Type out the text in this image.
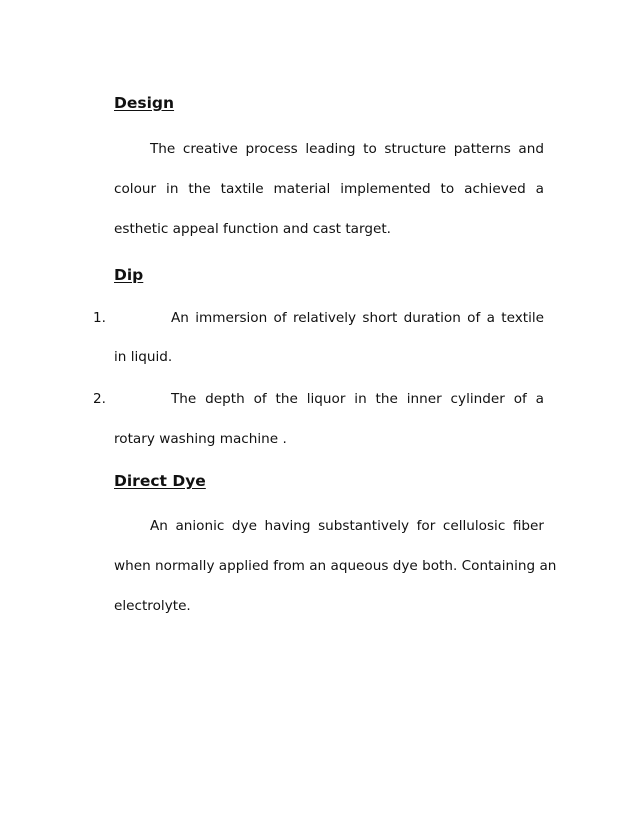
Design

The creative process leading to structure patterns and

colour in the taxtile material implemented to achieved a

esthetic appeal function and cast target.

Dip

1.	An immersion of relatively short duration of a textile

in liquid.

2.	The depth of the liquor in the inner cylinder of a

rotary washing machine .

Direct Dye

An anionic dye having substantively for cellulosic fiber

when normally applied from an aqueous dye both. Containing an

electrolyte.
